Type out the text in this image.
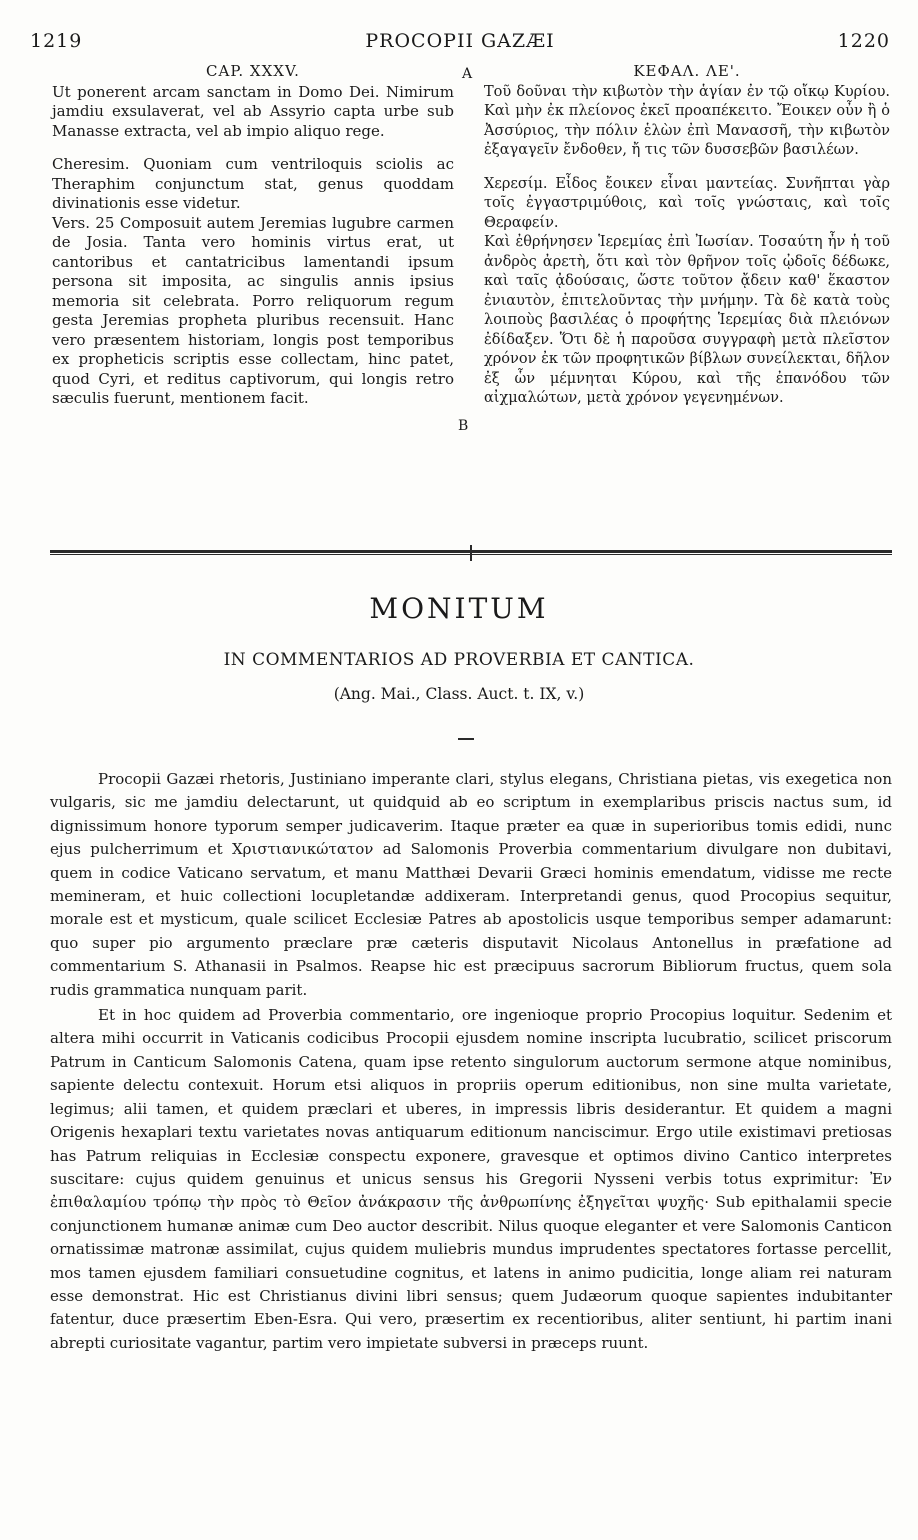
1219	PROCOPII GAZÆI	1220
CAP. XXXV.

Ut ponerent arcam sanctam in Domo Dei. Nimirum jamdiu exsulaverat, vel ab Assyrio capta urbe sub Manasse extracta, vel ab impio aliquo rege.

Cheresim. Quoniam cum ventriloquis sciolis ac Theraphim conjunctum stat, genus quoddam divinationis esse videtur.

Vers. 25 Composuit autem Jeremias lugubre carmen de Josia. Tanta vero hominis virtus erat, ut cantoribus et cantatricibus lamentandi ipsum persona sit imposita, ac singulis annis ipsius memoria sit celebrata. Porro reliquorum regum gesta Jeremias propheta pluribus recensuit. Hanc vero præsentem historiam, longis post temporibus ex propheticis scriptis esse collectam, hinc patet, quod Cyri, et reditus captivorum, qui longis retro sæculis fuerunt, mentionem facit.

A
B
ΚΕΦΑΛ. ΛΕ'.

Τοῦ δοῦναι τὴν κιβωτὸν τὴν ἁγίαν ἐν τῷ οἴκῳ Κυρίου. Καὶ μὴν ἐκ πλείονος ἐκεῖ προαπέκειτο. Ἔοικεν οὖν ἢ ὁ Ἀσσύριος, τὴν πόλιν ἑλὼν ἐπὶ Μανασσῆ, τὴν κιβωτὸν ἐξαγαγεῖν ἔνδοθεν, ἤ τις τῶν δυσσεβῶν βασιλέων.

Χερεσίμ. Εἶδος ἔοικεν εἶναι μαντείας. Συνῆπται γὰρ τοῖς ἐγγαστριμύθοις, καὶ τοῖς γνώσταις, καὶ τοῖς Θεραφείν.

Καὶ ἐθρήνησεν Ἱερεμίας ἐπὶ Ἰωσίαν. Τοσαύτη ἦν ἡ τοῦ ἀνδρὸς ἀρετὴ, ὅτι καὶ τὸν θρῆνον τοῖς ᾠδοῖς δέδωκε, καὶ ταῖς ᾀδούσαις, ὥστε τοῦτον ᾄδειν καθ' ἕκαστον ἐνιαυτὸν, ἐπιτελοῦντας τὴν μνήμην. Τὰ δὲ κατὰ τοὺς λοιποὺς βασιλέας ὁ προφήτης Ἱερεμίας διὰ πλειόνων ἐδίδαξεν. Ὅτι δὲ ἡ παροῦσα συγγραφὴ μετὰ πλεῖστον χρόνον ἐκ τῶν προφητικῶν βίβλων συνείλεκται, δῆλον ἐξ ὧν μέμνηται Κύρου, καὶ τῆς ἐπανόδου τῶν αἰχμαλώτων, μετὰ χρόνον γεγενημένων.

MONITUM
IN COMMENTARIOS AD PROVERBIA ET CANTICA.
(Ang. Mai., Class. Auct. t. IX, v.)

Procopii Gazæi rhetoris, Justiniano imperante clari, stylus elegans, Christiana pietas, vis exegetica non vulgaris, sic me jamdiu delectarunt, ut quidquid ab eo scriptum in exemplaribus priscis nactus sum, id dignissimum honore typorum semper judicaverim. Itaque præter ea quæ in superioribus tomis edidi, nunc ejus pulcherrimum et Χριστιανικώτατον ad Salomonis Proverbia commentarium divulgare non dubitavi, quem in codice Vaticano servatum, et manu Matthæi Devarii Græci hominis emendatum, vidisse me recte memineram, et huic collectioni locupletandæ addixeram. Interpretandi genus, quod Procopius sequitur, morale est et mysticum, quale scilicet Ecclesiæ Patres ab apostolicis usque temporibus semper adamarunt: quo super pio argumento præclare præ cæteris disputavit Nicolaus Antonellus in præfatione ad commentarium S. Athanasii in Psalmos. Reapse hic est præcipuus sacrorum Bibliorum fructus, quem sola rudis grammatica nunquam parit.

Et in hoc quidem ad Proverbia commentario, ore ingenioque proprio Procopius loquitur. Sedenim et altera mihi occurrit in Vaticanis codicibus Procopii ejusdem nomine inscripta lucubratio, scilicet priscorum Patrum in Canticum Salomonis Catena, quam ipse retento singulorum auctorum sermone atque nominibus, sapiente delectu contexuit. Horum etsi aliquos in propriis operum editionibus, non sine multa varietate, legimus; alii tamen, et quidem præclari et uberes, in impressis libris desiderantur. Et quidem a magni Origenis hexaplari textu varietates novas antiquarum editionum nanciscimur. Ergo utile existimavi pretiosas has Patrum reliquias in Ecclesiæ conspectu exponere, gravesque et optimos divino Cantico interpretes suscitare: cujus quidem genuinus et unicus sensus his Gregorii Nysseni verbis totus exprimitur: Ἐν ἐπιθαλαμίου τρόπῳ τὴν πρὸς τὸ Θεῖον ἀνάκρασιν τῆς ἀνθρωπίνης ἐξηγεῖται ψυχῆς· Sub epithalamii specie conjunctionem humanæ animæ cum Deo auctor describit. Nilus quoque eleganter et vere Salomonis Canticon ornatissimæ matronæ assimilat, cujus quidem muliebris mundus imprudentes spectatores fortasse percellit, mos tamen ejusdem familiari consuetudine cognitus, et latens in animo pudicitia, longe aliam rei naturam esse demonstrat. Hic est Christianus divini libri sensus; quem Judæorum quoque sapientes indubitanter fatentur, duce præsertim Eben-Esra. Qui vero, præsertim ex recentioribus, aliter sentiunt, hi partim inani abrepti curiositate vagantur, partim vero impietate subversi in præceps ruunt.
